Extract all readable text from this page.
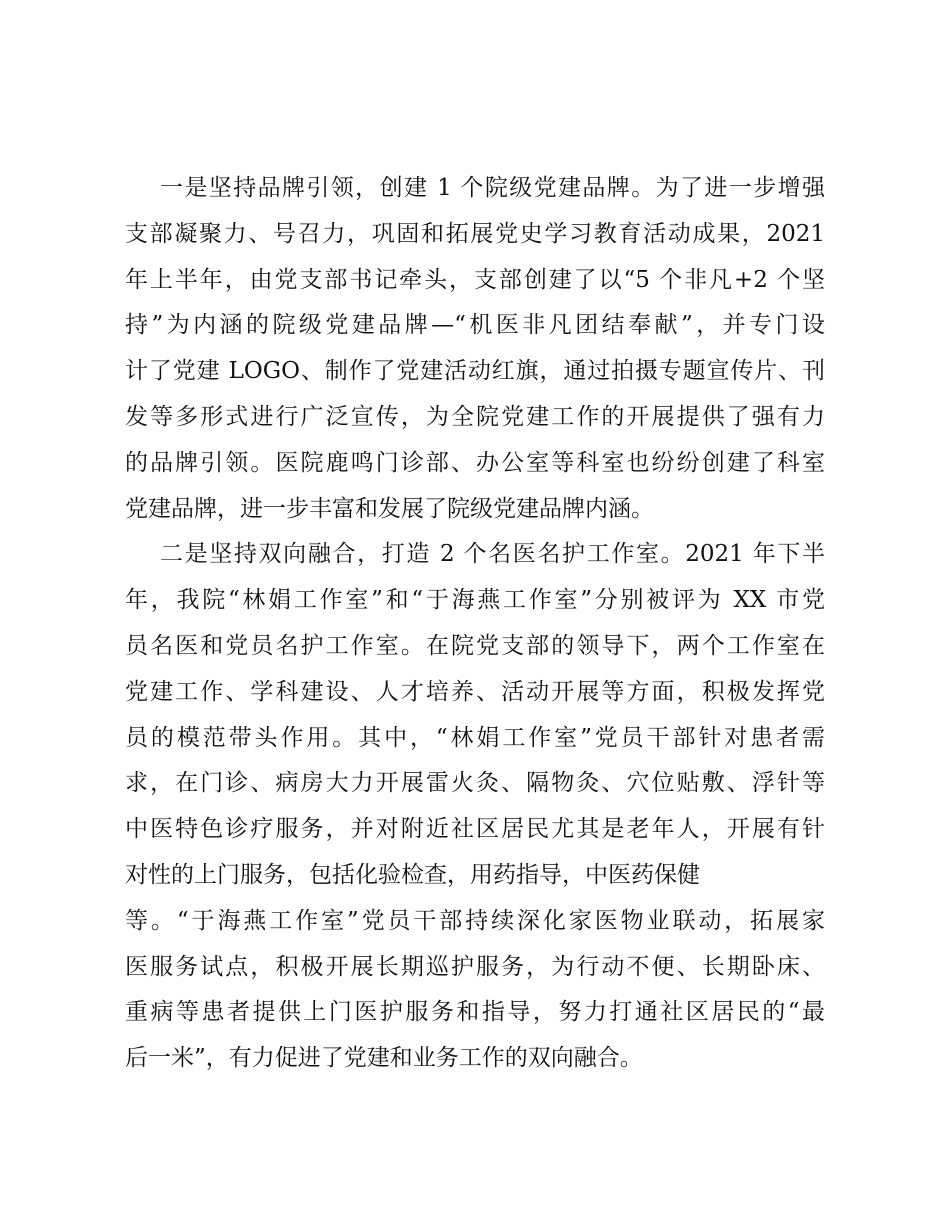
一是坚持品牌引领，创建 1 个院级党建品牌。为了进一步增强
支部凝聚力、号召力，巩固和拓展党史学习教育活动成果，2021
年上半年，由党支部书记牵头，支部创建了以“5 个非凡+2 个坚
持”为内涵的院级党建品牌—“机医非凡团结奉献”，并专门设
计了党建 LOGO、制作了党建活动红旗，通过拍摄专题宣传片、刊
发等多形式进行广泛宣传，为全院党建工作的开展提供了强有力
的品牌引领。医院鹿鸣门诊部、办公室等科室也纷纷创建了科室
党建品牌，进一步丰富和发展了院级党建品牌内涵。
二是坚持双向融合，打造 2 个名医名护工作室。2021 年下半
年，我院“林娟工作室”和“于海燕工作室”分别被评为 XX 市党
员名医和党员名护工作室。在院党支部的领导下，两个工作室在
党建工作、学科建设、人才培养、活动开展等方面，积极发挥党
员的模范带头作用。其中，“林娟工作室”党员干部针对患者需
求，在门诊、病房大力开展雷火灸、隔物灸、穴位贴敷、浮针等
中医特色诊疗服务，并对附近社区居民尤其是老年人，开展有针
对性的上门服务，包括化验检查，用药指导，中医药保健
等。“于海燕工作室”党员干部持续深化家医物业联动，拓展家
医服务试点，积极开展长期巡护服务，为行动不便、长期卧床、
重病等患者提供上门医护服务和指导，努力打通社区居民的“最
后一米”，有力促进了党建和业务工作的双向融合。
